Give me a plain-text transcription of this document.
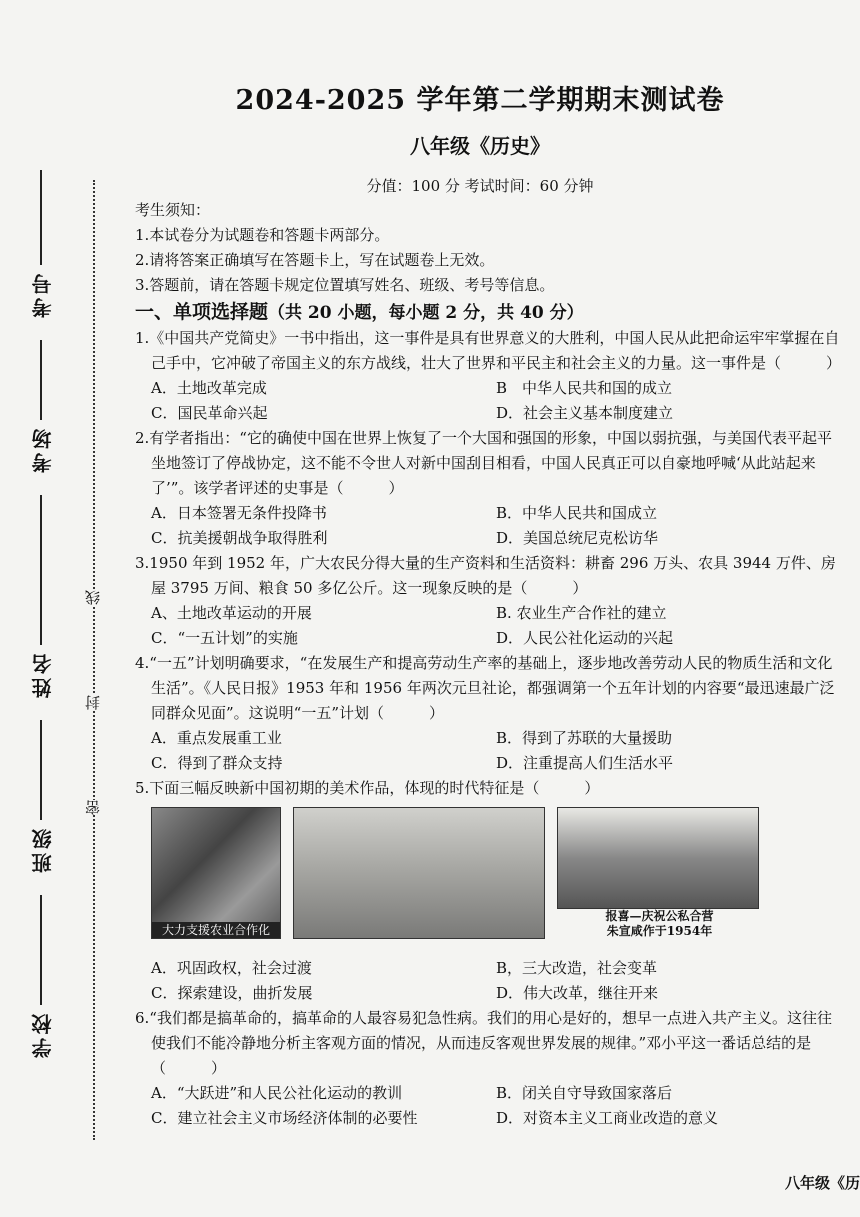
2024-2025 学年第二学期期末测试卷
八年级《历史》
分值：100 分 考试时间：60 分钟
考号
考场
姓名
班级
学校
线
封
密

考生须知：

1.本试卷分为试题卷和答题卡两部分。

2.请将答案正确填写在答题卡上，写在试题卷上无效。

3.答题前，请在答题卡规定位置填写姓名、班级、考号等信息。

一、单项选择题（共 20 小题，每小题 2 分，共 40 分）

1.《中国共产党简史》一书中指出，这一事件是具有世界意义的大胜利，中国人民从此把命运牢牢掌握在自己手中，它冲破了帝国主义的东方战线，壮大了世界和平民主和社会主义的力量。这一事件是（　　　）

A．土地改革完成	B　中华人民共和国的成立
C．国民革命兴起	D．社会主义基本制度建立

2.有学者指出：“它的确使中国在世界上恢复了一个大国和强国的形象，中国以弱抗强，与美国代表平起平坐地签订了停战协定，这不能不令世人对新中国刮目相看，中国人民真正可以自豪地呼喊‘从此站起来了’”。该学者评述的史事是（　　　）

A．日本签署无条件投降书	B．中华人民共和国成立
C．抗美援朝战争取得胜利	D．美国总统尼克松访华

3.1950 年到 1952 年，广大农民分得大量的生产资料和生活资料：耕畜 296 万头、农具 3944 万件、房屋 3795 万间、粮食 50 多亿公斤。这一现象反映的是（　　　）

A、土地改革运动的开展	B. 农业生产合作社的建立
C．“一五计划”的实施	D．人民公社化运动的兴起

4.“一五”计划明确要求，“在发展生产和提高劳动生产率的基础上，逐步地改善劳动人民的物质生活和文化生活”。《人民日报》1953 年和 1956 年两次元旦社论，都强调第一个五年计划的内容要“最迅速最广泛同群众见面”。这说明“一五”计划（　　　）

A．重点发展重工业	B．得到了苏联的大量援助
C．得到了群众支持	D．注重提高人们生活水平

5.下面三幅反映新中国初期的美术作品，体现的时代特征是（　　　）

大力支援农业合作化
报喜—庆祝公私合营
朱宣咸作于1954年
A．巩固政权，社会过渡	B，三大改造，社会变革
C．探索建设，曲折发展	D．伟大改革，继往开来

6.“我们都是搞革命的，搞革命的人最容易犯急性病。我们的用心是好的，想早一点进入共产主义。这往往使我们不能冷静地分析主客观方面的情况，从而违反客观世界发展的规律。”邓小平这一番话总结的是（　　　）

A．“大跃进”和人民公社化运动的教训	B．闭关自守导致国家落后
C．建立社会主义市场经济体制的必要性	D．对资本主义工商业改造的意义
八年级《历
